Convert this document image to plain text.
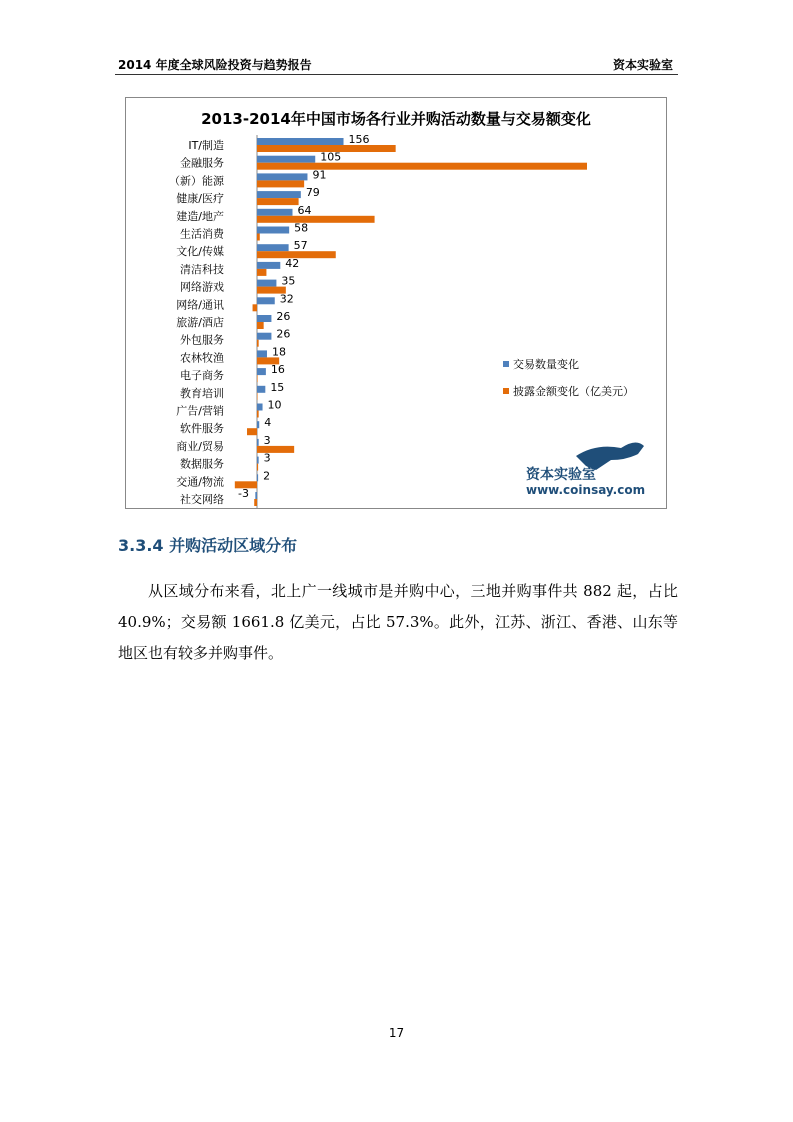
2014 年度全球风险投资与趋势报告	资本实验室
2013-2014年中国市场各行业并购活动数量与交易额变化
IT/制造	156
金融服务	105
（新）能源	91
健康/医疗	79
建造/地产	64
生活消费	58
文化/传媒	57
清洁科技	42
网络游戏	35
网络/通讯	32
旅游/酒店	26
外包服务	26
农林牧渔	18
电子商务	16
教育培训	15
广告/营销	10
软件服务	4
商业/贸易	3
数据服务	3
交通/物流	2
社交网络 -3
交易数量变化
披露金额变化（亿美元）
资本实验室
www.coinsay.com
3.3.4 并购活动区域分布
从区域分布来看，北上广一线城市是并购中心，三地并购事件共 882 起，占比 40.9%；交易额 1661.8 亿美元，占比 57.3%。此外，江苏、浙江、香港、山东等地区也有较多并购事件。
17
